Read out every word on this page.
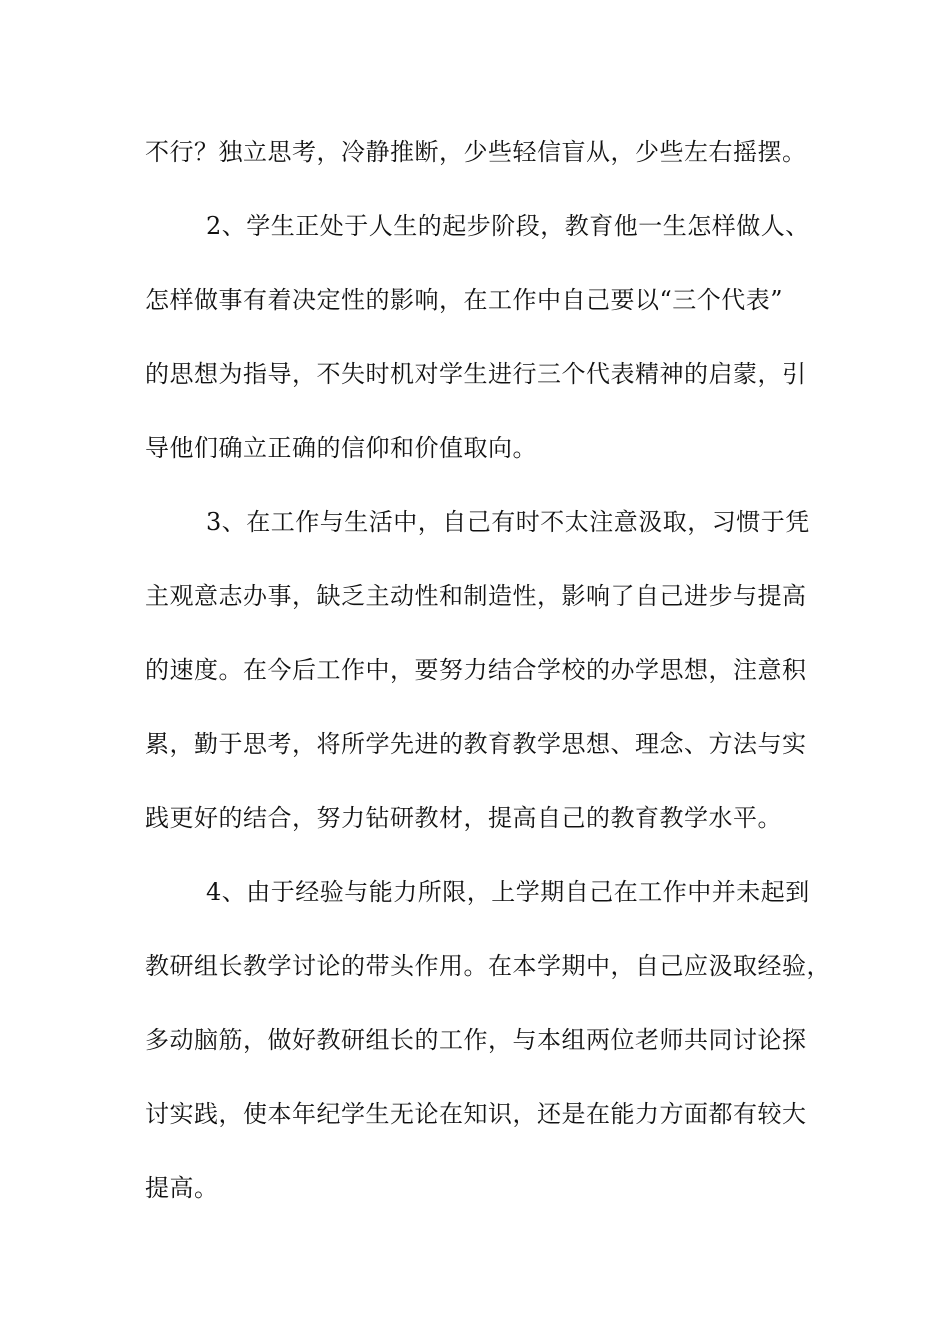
不行？独立思考，冷静推断，少些轻信盲从，少些左右摇摆。
2、学生正处于人生的起步阶段，教育他一生怎样做人、
怎样做事有着决定性的影响，在工作中自己要以“三个代表”
的思想为指导，不失时机对学生进行三个代表精神的启蒙，引
导他们确立正确的信仰和价值取向。
3、在工作与生活中，自己有时不太注意汲取，习惯于凭
主观意志办事，缺乏主动性和制造性，影响了自己进步与提高
的速度。在今后工作中，要努力结合学校的办学思想，注意积
累，勤于思考，将所学先进的教育教学思想、理念、方法与实
践更好的结合，努力钻研教材，提高自己的教育教学水平。
4、由于经验与能力所限，上学期自己在工作中并未起到
教研组长教学讨论的带头作用。在本学期中，自己应汲取经验，
多动脑筋，做好教研组长的工作，与本组两位老师共同讨论探
讨实践，使本年纪学生无论在知识，还是在能力方面都有较大
提高。
